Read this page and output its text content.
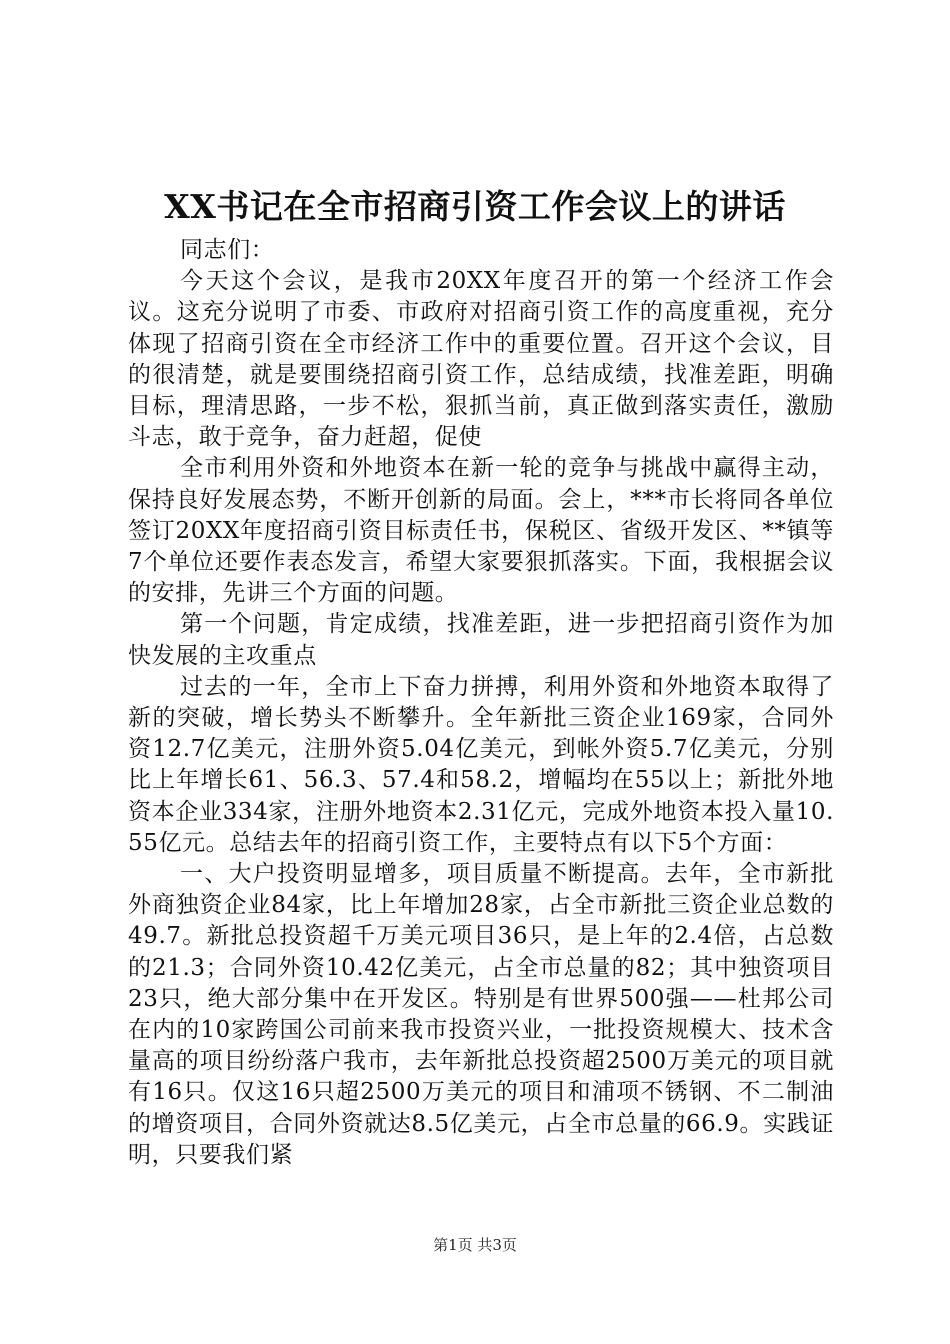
XX书记在全市招商引资工作会议上的讲话

同志们：

今天这个会议，是我市20XX年度召开的第一个经济工作会议。这充分说明了市委、市政府对招商引资工作的高度重视，充分体现了招商引资在全市经济工作中的重要位置。召开这个会议，目的很清楚，就是要围绕招商引资工作，总结成绩，找准差距，明确目标，理清思路，一步不松，狠抓当前，真正做到落实责任，激励斗志，敢于竞争，奋力赶超，促使

全市利用外资和外地资本在新一轮的竞争与挑战中赢得主动，保持良好发展态势，不断开创新的局面。会上，***市长将同各单位签订20XX年度招商引资目标责任书，保税区、省级开发区、**镇等7个单位还要作表态发言，希望大家要狠抓落实。下面，我根据会议的安排，先讲三个方面的问题。

第一个问题，肯定成绩，找准差距，进一步把招商引资作为加快发展的主攻重点

过去的一年，全市上下奋力拼搏，利用外资和外地资本取得了新的突破，增长势头不断攀升。全年新批三资企业169家，合同外资12.7亿美元，注册外资5.04亿美元，到帐外资5.7亿美元，分别比上年增长61、56.3、57.4和58.2，增幅均在55以上；新批外地资本企业334家，注册外地资本2.31亿元，完成外地资本投入量10.55亿元。总结去年的招商引资工作，主要特点有以下5个方面：

一、大户投资明显增多，项目质量不断提高。去年，全市新批外商独资企业84家，比上年增加28家，占全市新批三资企业总数的49.7。新批总投资超千万美元项目36只，是上年的2.4倍，占总数的21.3；合同外资10.42亿美元，占全市总量的82；其中独资项目23只，绝大部分集中在开发区。特别是有世界500强——杜邦公司在内的10家跨国公司前来我市投资兴业，一批投资规模大、技术含量高的项目纷纷落户我市，去年新批总投资超2500万美元的项目就有16只。仅这16只超2500万美元的项目和浦项不锈钢、不二制油的增资项目，合同外资就达8.5亿美元，占全市总量的66.9。实践证明，只要我们紧

第1页 共3页
